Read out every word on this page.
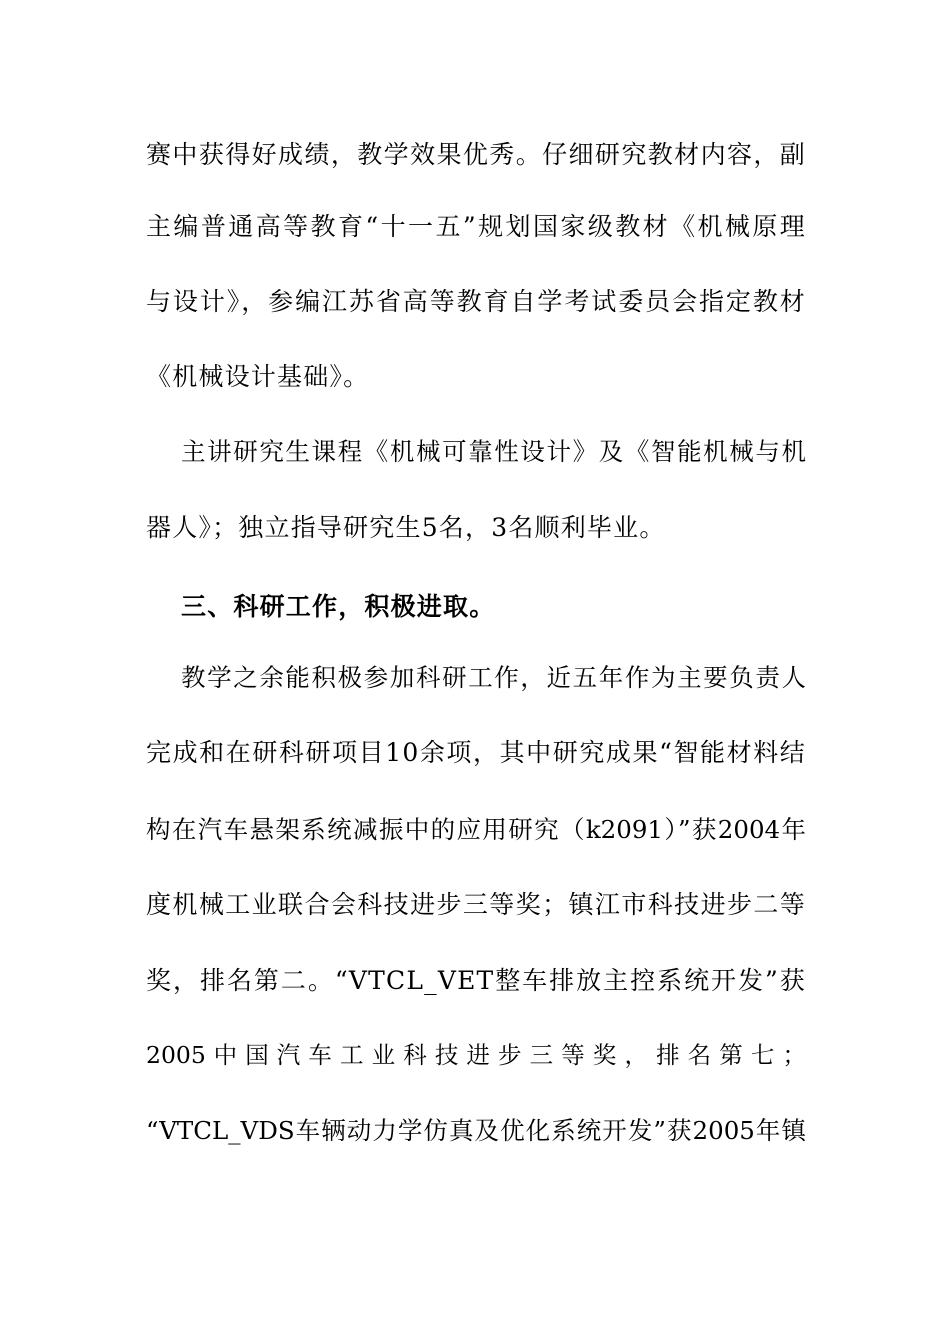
赛中获得好成绩，教学效果优秀。仔细研究教材内容，副
主编普通高等教育“十一五”规划国家级教材《机械原理
与设计》，参编江苏省高等教育自学考试委员会指定教材
《机械设计基础》。
主讲研究生课程《机械可靠性设计》及《智能机械与机
器人》；独立指导研究生5名，3名顺利毕业。
三、科研工作，积极进取。
教学之余能积极参加科研工作，近五年作为主要负责人
完成和在研科研项目10余项，其中研究成果“智能材料结
构在汽车悬架系统减振中的应用研究（k2091）”获2004年
度机械工业联合会科技进步三等奖；镇江市科技进步二等
奖，排名第二。“VTCL_VET整车排放主控系统开发”获
2005 中 国 汽 车 工 业 科 技 进 步 三 等 奖 ， 排 名 第 七 ；
“VTCL_VDS车辆动力学仿真及优化系统开发”获2005年镇
